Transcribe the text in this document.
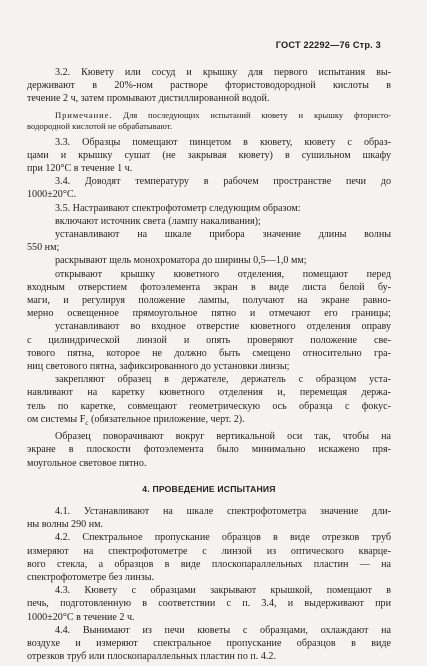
ГОСТ 22292—76 Стр. 3
3.2. Кювету или сосуд и крышку для первого испытания вы-
держивают в 20%-ном растворе фтористоводородной кислоты в
течение 2 ч, затем промывают дистиллированной водой.
Примечание. Для последующих испытаний кювету и крышку фтористо-
водородной кислотой не обрабатывают.
3.3. Образцы помещают пинцетом в кювету, кювету с образ-
цами и крышку сушат (не закрывая кювету) в сушильном шкафу
при 120°С в течение 1 ч.
3.4. Доводят температуру в рабочем пространстве печи до
1000±20°С.
3.5. Настраивают спектрофотометр следующим образом:
включают источник света (лампу накаливания);
устанавливают на шкале прибора значение длины волны
550 нм;
раскрывают щель монохроматора до ширины 0,5—1,0 мм;
открывают крышку кюветного отделения, помещают перед
входным отверстием фотоэлемента экран в виде листа белой бу-
маги, и регулируя положение лампы, получают на экране равно-
мерно освещенное прямоугольное пятно и отмечают его границы;
устанавливают во входное отверстие кюветного отделения оправу
с цилиндрической линзой и опять проверяют положение све-
тового пятна, которое не должно быть смещено относительно гра-
ниц светового пятна, зафиксированного до установки линзы;
закрепляют образец в держателе, держатель с образцом уста-
навливают на каретку кюветного отделения и, перемещая держа-
тель по каретке, совмещают геометрическую ось образца с фокус-
ом системы $F_с$ (обязательное приложение, черт. 2).
Образец поворачивают вокруг вертикальной оси так, чтобы на
экране в плоскости фотоэлемента было минимально искажено пря-
моугольное световое пятно.
4. ПРОВЕДЕНИЕ ИСПЫТАНИЯ
4.1. Устанавливают на шкале спектрофотометра значение дли-
ны волны 290 нм.
4.2. Спектральное пропускание образцов в виде отрезков труб
измеряют на спектрофотометре с линзой из оптического кварце-
вого стекла, а образцов в виде плоскопараллельных пластин — на
спектрофотометре без линзы.
4.3. Кювету с образцами закрывают крышкой, помещают в
печь, подготовленную в соответствии с п. 3.4, и выдерживают при
1000±20°С в течение 2 ч.
4.4. Вынимают из печи кюветы с образцами, охлаждают на
воздухе и измеряют спектральное пропускание образцов в виде
отрезков труб или плоскопараллельных пластин по п. 4.2.
